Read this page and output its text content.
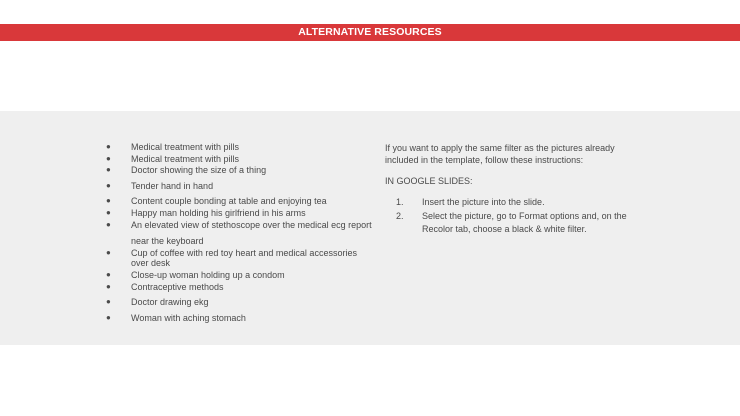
ALTERNATIVE RESOURCES
● Medical treatment with pills
● Medical treatment with pills
● Doctor showing the size of a thing
● Tender hand in hand
● Content couple bonding at table and enjoying tea
● Happy man holding his girlfriend in his arms
● An elevated view of stethoscope over the medical ecg report near the keyboard
● Cup of coffee with red toy heart and medical accessories over desk
● Close-up woman holding up a condom
● Contraceptive methods
● Doctor drawing ekg
● Woman with aching stomach

If you want to apply the same filter as the pictures already included in the template, follow these instructions:

IN GOOGLE SLIDES:

1. Insert the picture into the slide.
2. Select the picture, go to Format options and, on the Recolor tab, choose a black & white filter.
